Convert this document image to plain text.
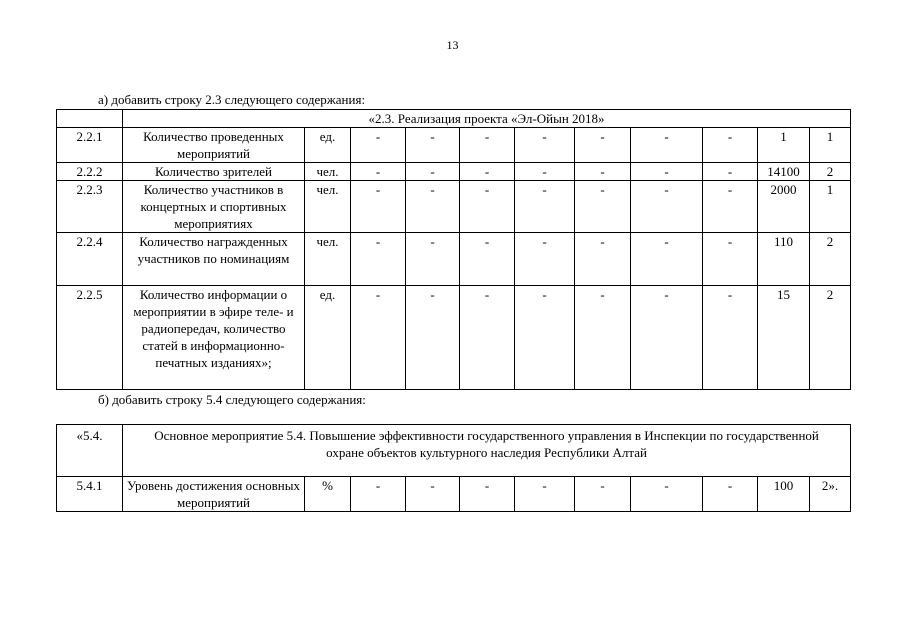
13
а) добавить строку 2.3 следующего содержания:
	«2.3. Реализация проекта «Эл-Ойын 2018»										
2.2.1	Количество проведенных мероприятий	ед.	-	-	-	-	-	-	-	1	1
2.2.2	Количество зрителей	чел.	-	-	-	-	-	-	-	14100	2
2.2.3	Количество участников в концертных и спортивных мероприятиях	чел.	-	-	-	-	-	-	-	2000	1
2.2.4	Количество награжденных участников по номинациям	чел.	-	-	-	-	-	-	-	110	2
2.2.5	Количество информации о мероприятии в эфире теле- и радиопередач, количество статей в информационно-печатных изданиях»;	ед.	-	-	-	-	-	-	-	15	2
б) добавить строку 5.4 следующего содержания:
«5.4.	Основное мероприятие 5.4. Повышение эффективности государственного управления в Инспекции по государственной охране объектов культурного наследия Республики Алтай										
5.4.1	Уровень достижения основных мероприятий	%	-	-	-	-	-	-	-	100	2».
